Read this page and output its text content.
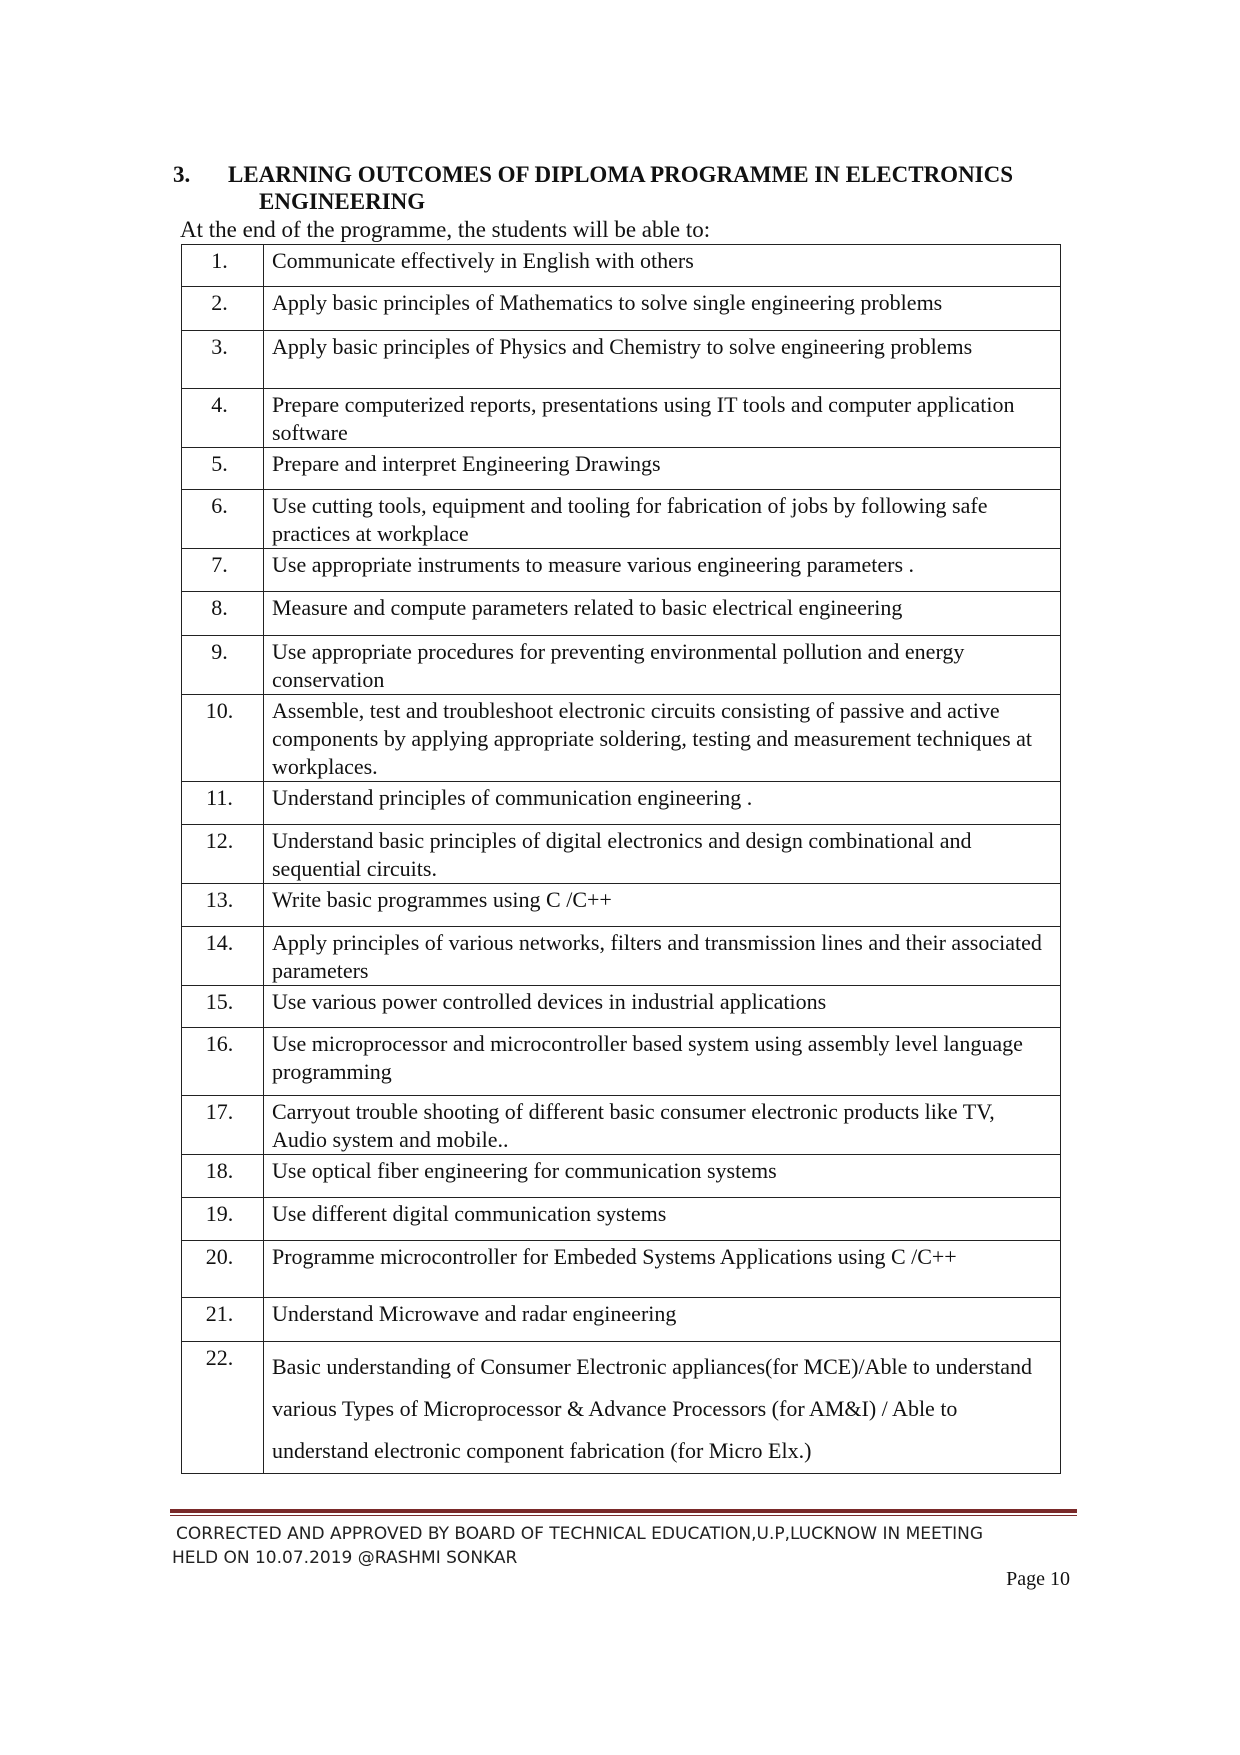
3. LEARNING OUTCOMES OF DIPLOMA PROGRAMME IN ELECTRONICS
ENGINEERING
At the end of the programme, the students will be able to:
1.	Communicate effectively in English with others
2.	Apply basic principles of Mathematics to solve single engineering problems
3.	Apply basic principles of Physics and Chemistry to solve engineering problems
4.	Prepare computerized reports, presentations using IT tools and computer application software
5.	Prepare and interpret Engineering Drawings
6.	Use cutting tools, equipment and tooling for fabrication of jobs by following safe practices at workplace
7.	Use appropriate instruments to measure various engineering parameters .
8.	Measure and compute parameters related to basic electrical engineering
9.	Use appropriate procedures for preventing environmental pollution and energy conservation
10.	Assemble, test and troubleshoot electronic circuits consisting of passive and active components by applying appropriate soldering, testing and measurement techniques at workplaces.
11.	Understand principles of communication engineering .
12.	Understand basic principles of digital electronics and design combinational and sequential circuits.
13.	Write basic programmes using C /C++
14.	Apply principles of various networks, filters and transmission lines and their associated parameters
15.	Use various power controlled devices in industrial applications
16.	Use microprocessor and microcontroller based system using assembly level language programming
17.	Carryout trouble shooting of different basic consumer electronic products like TV, Audio system and mobile..
18.	Use optical fiber engineering for communication systems
19.	Use different digital communication systems
20.	Programme microcontroller for Embeded Systems Applications using C /C++
21.	Understand Microwave and radar engineering
22.	Basic understanding of Consumer Electronic appliances(for MCE)/Able to understand various Types of Microprocessor & Advance Processors (for AM&I) / Able to understand electronic component fabrication (for Micro Elx.)
CORRECTED AND APPROVED BY BOARD OF TECHNICAL EDUCATION,U.P,LUCKNOW IN MEETING
HELD ON 10.07.2019 @RASHMI SONKAR
Page 10
